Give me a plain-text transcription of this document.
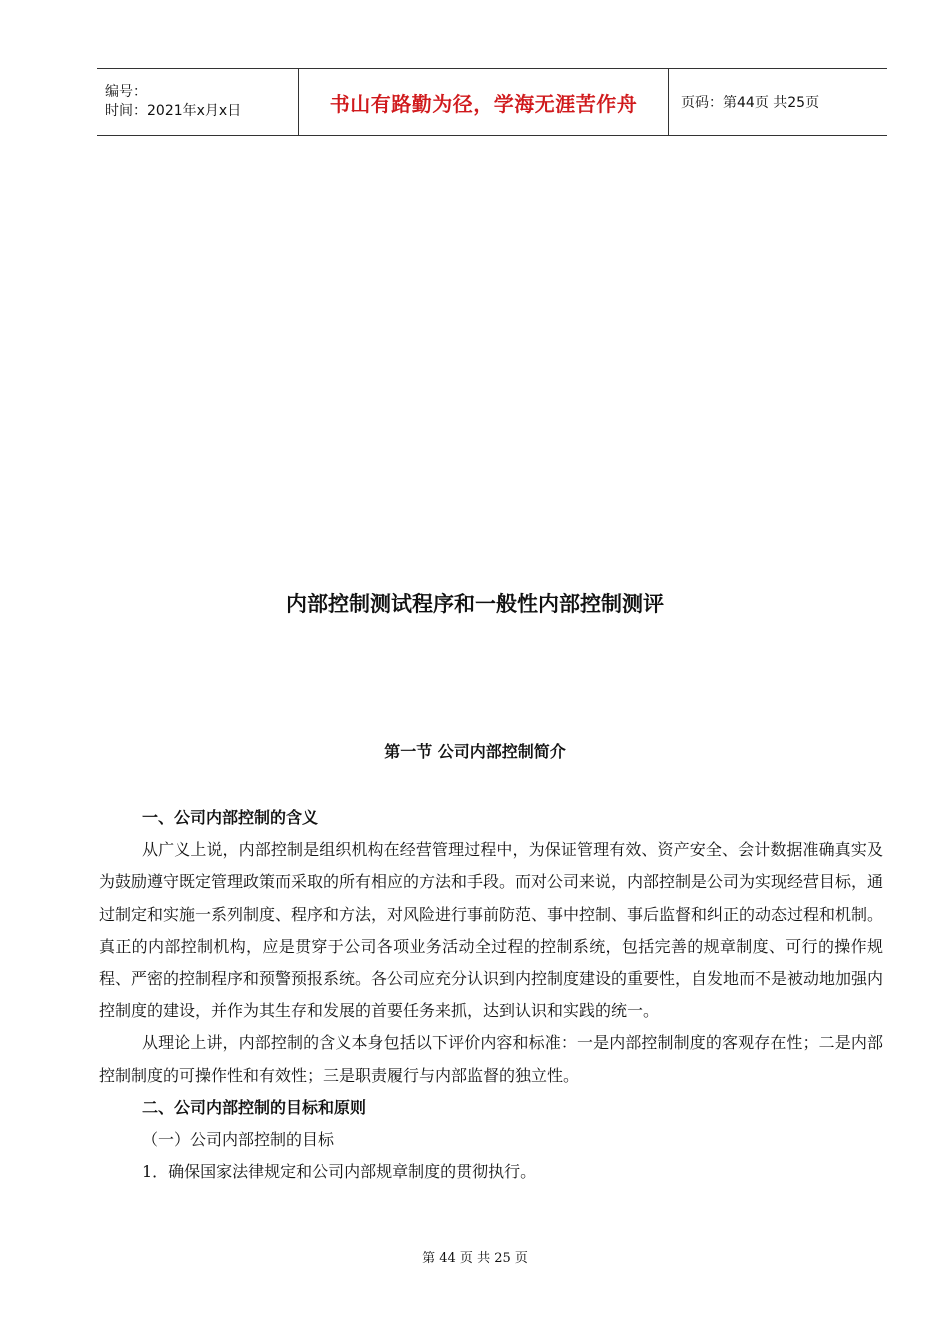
编号：
时间：2021年x月x日	书山有路勤为径，学海无涯苦作舟	页码：第44页 共25页
内部控制测试程序和一般性内部控制测评
第一节 公司内部控制简介
一、公司内部控制的含义

从广义上说，内部控制是组织机构在经营管理过程中，为保证管理有效、资产安全、会计数据准确真实及为鼓励遵守既定管理政策而采取的所有相应的方法和手段。而对公司来说，内部控制是公司为实现经营目标，通过制定和实施一系列制度、程序和方法，对风险进行事前防范、事中控制、事后监督和纠正的动态过程和机制。真正的内部控制机构，应是贯穿于公司各项业务活动全过程的控制系统，包括完善的规章制度、可行的操作规程、严密的控制程序和预警预报系统。各公司应充分认识到内控制度建设的重要性，自发地而不是被动地加强内控制度的建设，并作为其生存和发展的首要任务来抓，达到认识和实践的统一。

从理论上讲，内部控制的含义本身包括以下评价内容和标准：一是内部控制制度的客观存在性；二是内部控制制度的可操作性和有效性；三是职责履行与内部监督的独立性。

二、公司内部控制的目标和原则

（一）公司内部控制的目标

1．确保国家法律规定和公司内部规章制度的贯彻执行。

第 44 页 共 25 页
